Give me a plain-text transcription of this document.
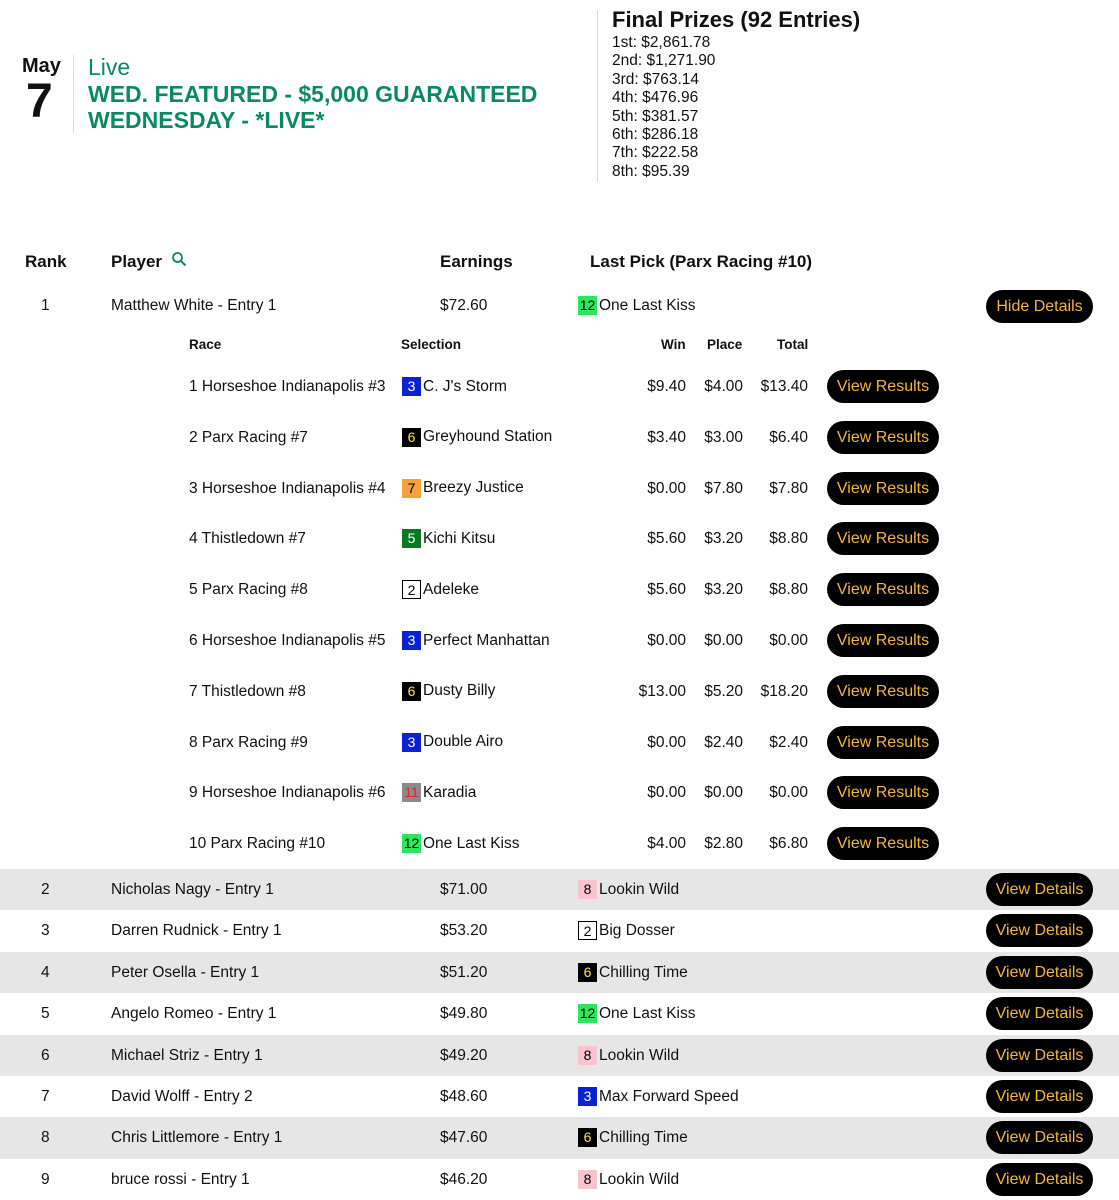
May
7
Live
WED. FEATURED - $5,000 GUARANTEED WEDNESDAY - *LIVE*
Final Prizes (92 Entries)
1st: $2,861.78
2nd: $1,271.90
3rd: $763.14
4th: $476.96
5th: $381.57
6th: $286.18
7th: $222.58
8th: $95.39
Rank	Player	Earnings	Last Pick (Parx Racing #10)
1	Matthew White - Entry 1	$72.60	12 One Last Kiss	Hide Details
Race	Selection	Win Place	Total
1 Horseshoe Indianapolis #3	3 C. J's Storm	$9.40 $4.00 $13.40	View Results
2 Parx Racing #7	6 Greyhound Station	$3.40 $3.00 $6.40	View Results
3 Horseshoe Indianapolis #4	7 Breezy Justice	$0.00 $7.80 $7.80	View Results
4 Thistledown #7	5 Kichi Kitsu	$5.60 $3.20 $8.80	View Results
5 Parx Racing #8	2 Adeleke	$5.60 $3.20 $8.80	View Results
6 Horseshoe Indianapolis #5	3 Perfect Manhattan	$0.00 $0.00 $0.00	View Results
7 Thistledown #8	6 Dusty Billy	$13.00 $5.20 $18.20	View Results
8 Parx Racing #9	3 Double Airo	$0.00 $2.40 $2.40	View Results
9 Horseshoe Indianapolis #6 11 Karadia	$0.00 $0.00 $0.00	View Results
10 Parx Racing #10	12 One Last Kiss	$4.00 $2.80 $6.80	View Results
2	Nicholas Nagy - Entry 1	$71.00	8 Lookin Wild	View Details
3	Darren Rudnick - Entry 1	$53.20	2 Big Dosser	View Details
4	Peter Osella - Entry 1	$51.20	6 Chilling Time	View Details
5	Angelo Romeo - Entry 1	$49.80	12 One Last Kiss	View Details
6	Michael Striz - Entry 1	$49.20	8 Lookin Wild	View Details
7	David Wolff - Entry 2	$48.60	3 Max Forward Speed	View Details
8	Chris Littlemore - Entry 1	$47.60	6 Chilling Time	View Details
9	bruce rossi - Entry 1	$46.20	8 Lookin Wild	View Details
